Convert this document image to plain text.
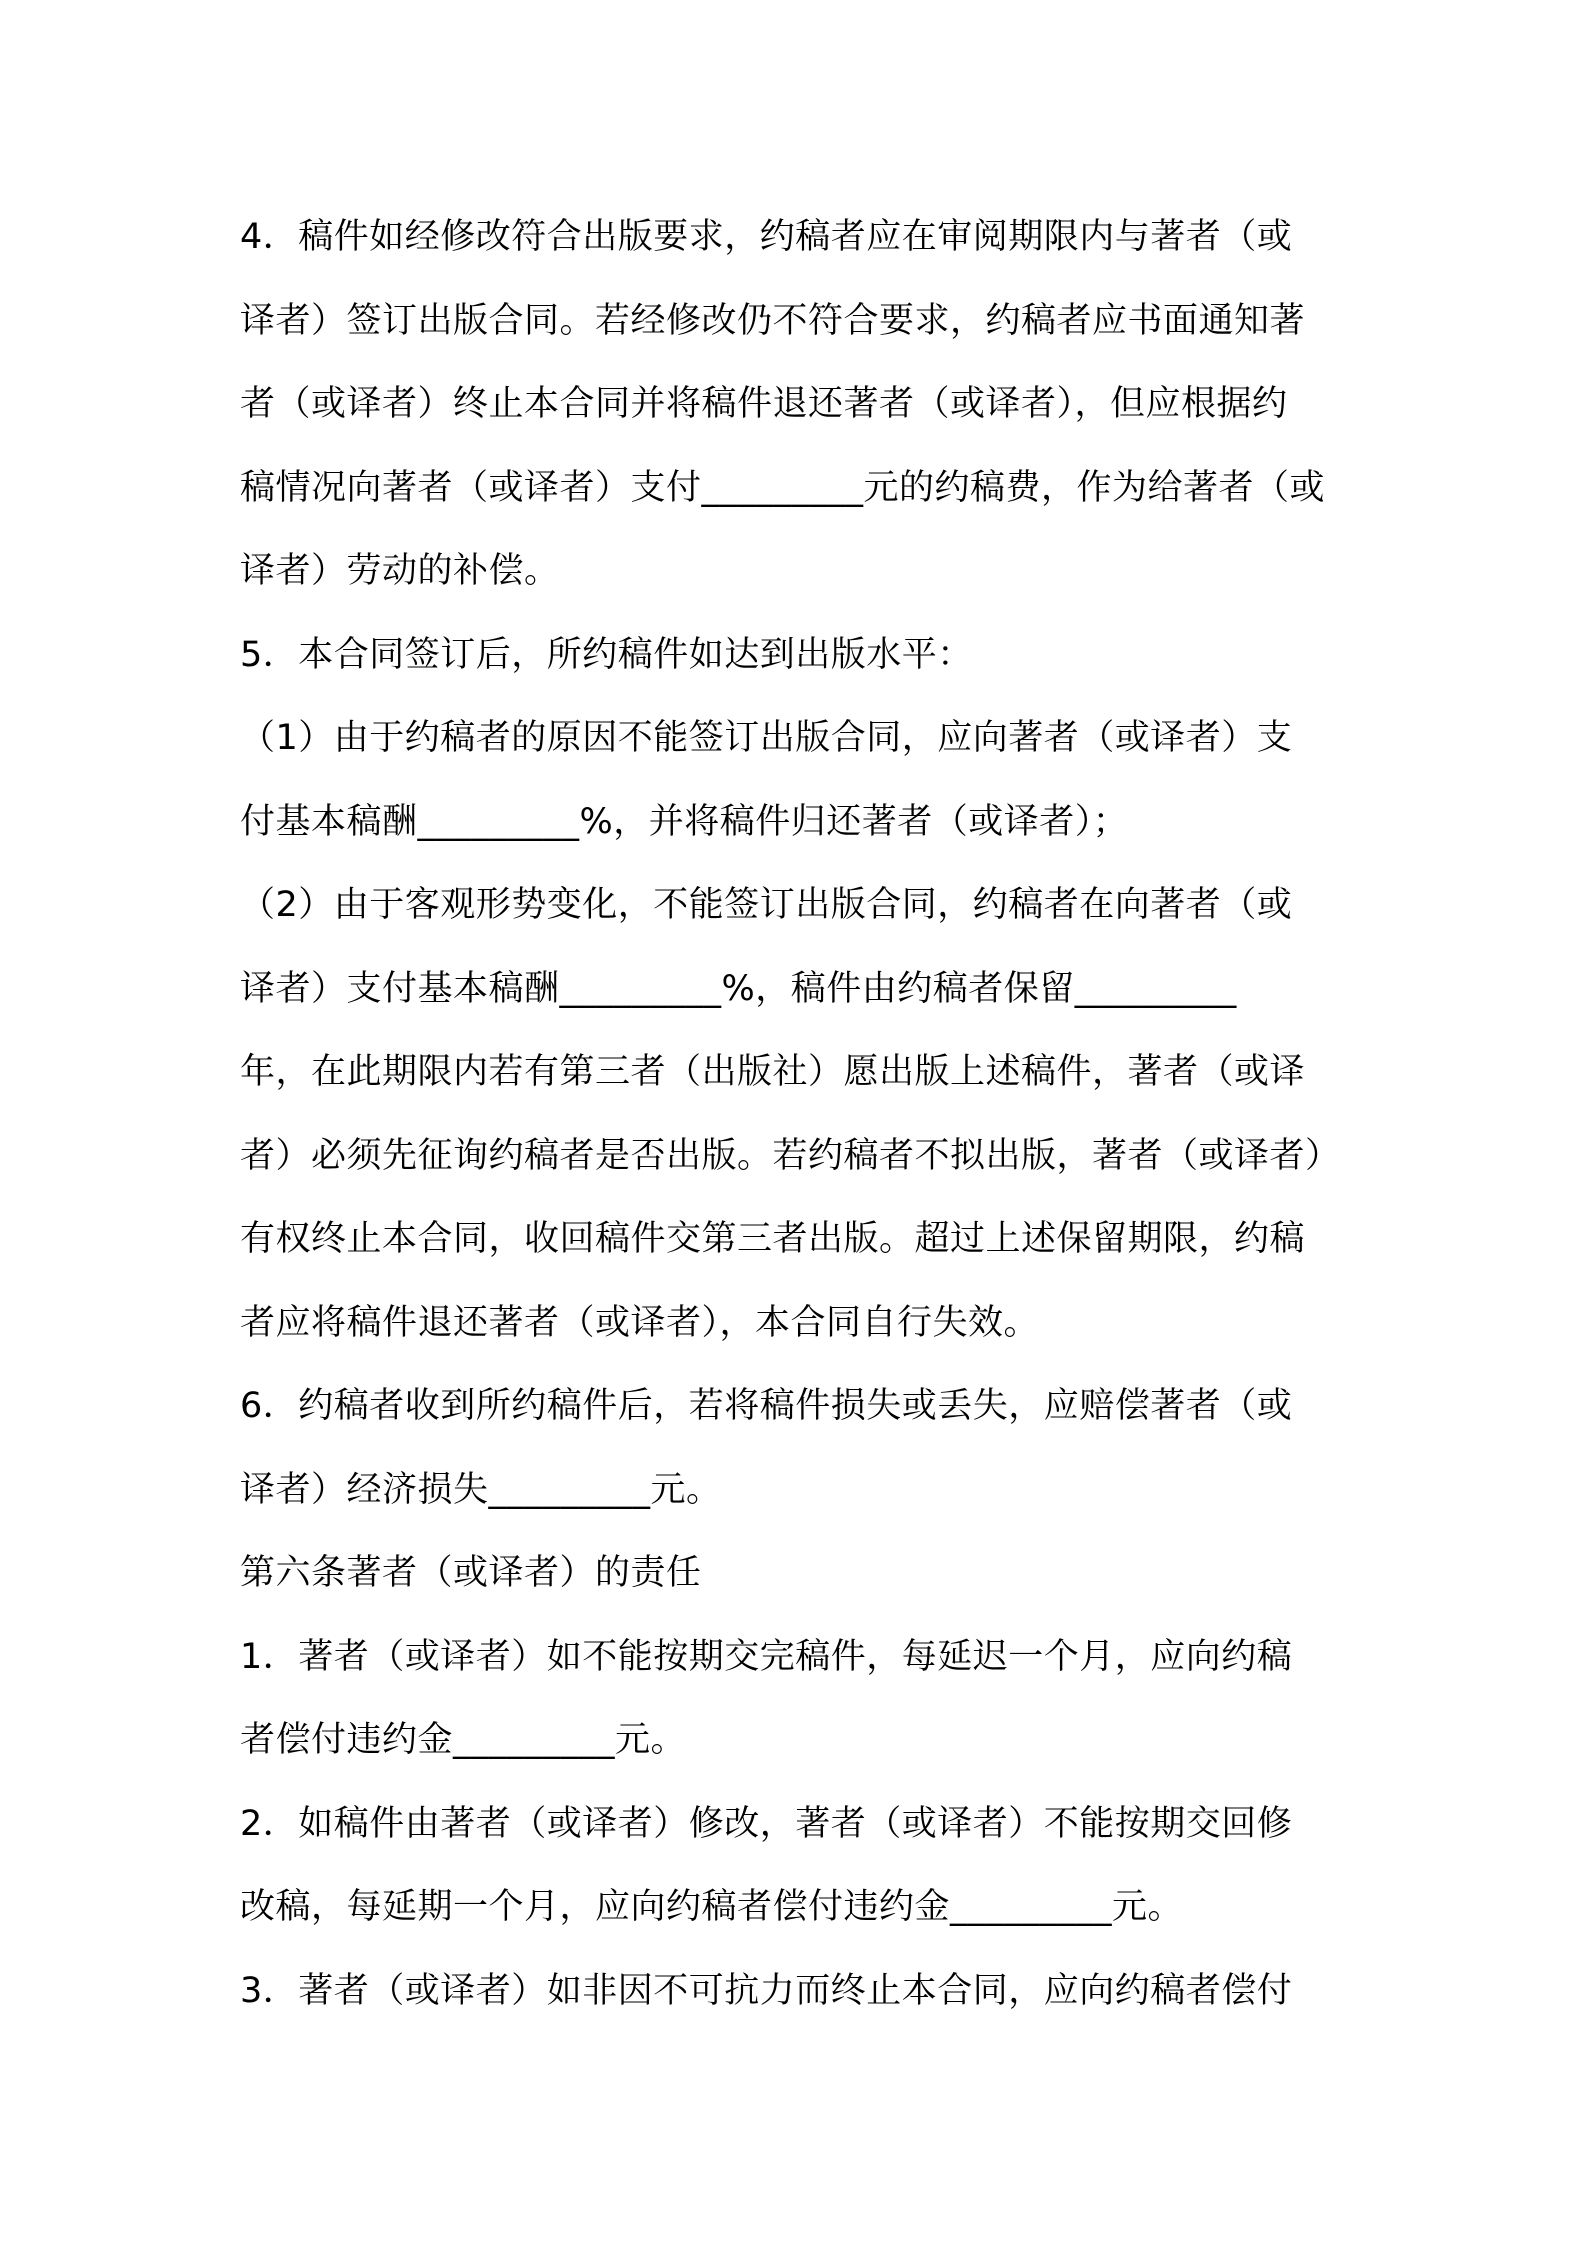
4．稿件如经修改符合出版要求，约稿者应在审阅期限内与著者（或
译者）签订出版合同。若经修改仍不符合要求，约稿者应书面通知著
者（或译者）终止本合同并将稿件退还著者（或译者），但应根据约
稿情况向著者（或译者）支付_________元的约稿费，作为给著者（或
译者）劳动的补偿。
5．本合同签订后，所约稿件如达到出版水平：
（1）由于约稿者的原因不能签订出版合同，应向著者（或译者）支
付基本稿酬_________%，并将稿件归还著者（或译者）；
（2）由于客观形势变化，不能签订出版合同，约稿者在向著者（或
译者）支付基本稿酬_________%，稿件由约稿者保留_________
年，在此期限内若有第三者（出版社）愿出版上述稿件，著者（或译
者）必须先征询约稿者是否出版。若约稿者不拟出版，著者（或译者）
有权终止本合同，收回稿件交第三者出版。超过上述保留期限，约稿
者应将稿件退还著者（或译者），本合同自行失效。
6．约稿者收到所约稿件后，若将稿件损失或丢失，应赔偿著者（或
译者）经济损失_________元。
第六条著者（或译者）的责任
1．著者（或译者）如不能按期交完稿件，每延迟一个月，应向约稿
者偿付违约金_________元。
2．如稿件由著者（或译者）修改，著者（或译者）不能按期交回修
改稿，每延期一个月，应向约稿者偿付违约金_________元。
3．著者（或译者）如非因不可抗力而终止本合同，应向约稿者偿付
